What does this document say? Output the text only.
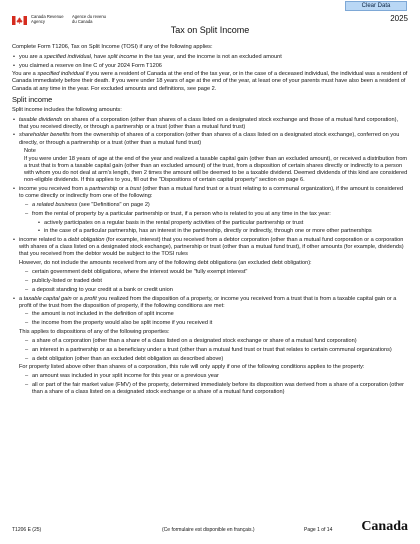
Clear Data
Canada Revenue
Agency
Agence du revenu
du Canada	2025
Tax on Split Income

Complete Form T1206, Tax on Split Income (TOSI) if any of the following applies:

• you are a specified individual, have split income in the tax year, and the income is not an excluded amount
• you claimed a reserve on line C of your 2024 Form T1206

You are a specified individual if you were a resident of Canada at the end of the tax year, or in the case of a deceased individual, the individual was a resident of Canada immediately before their death. If you were under 18 years of age at the end of the year, at least one of your parents must have also been a resident of Canada at any time in the year. For excluded amounts and definitions, see page 2.

Split income

Split income includes the following amounts:

• taxable dividends on shares of a corporation (other than shares of a class listed on a designated stock exchange and those of a mutual fund corporation), that you received directly, or through a partnership or a trust (other than a mutual fund trust)
• shareholder benefits from the ownership of shares of a corporation (other than shares of a class listed on a designated stock exchange), conferred on you directly, or through a partnership or a trust (other than a mutual fund trust)
Note
If you were under 18 years of age at the end of the year and realized a taxable capital gain (other than an excluded amount), or received a distribution from a trust that is from a taxable capital gain (other than an excluded amount) of the trust, from a disposition of certain shares directly or indirectly to a person with whom you do not deal at arm's length, then 2 times the amount will be deemed to be a taxable dividend. Deemed dividends of this kind are considered non-eligible dividends. If this applies to you, fill out the "Dispositions of certain capital property" section on page 6.
• income you received from a partnership or a trust (other than a mutual fund trust or a trust relating to a communal organization), if the amount is considered to come directly or indirectly from one of the following:
– a related business (see "Definitions" on page 2)
– from the rental of property by a particular partnership or trust, if a person who is related to you at any time in the tax year:
• actively participates on a regular basis in the rental property activities of the particular partnership or trust
• in the case of a particular partnership, has an interest in the partnership, directly or indirectly, through one or more other partnerships
• income related to a debt obligation (for example, interest) that you received from a debtor corporation (other than a mutual fund corporation or a corporation with shares of a class listed on a designated stock exchange), partnership or trust (other than a mutual fund trust), if other amounts (for example, dividends) that you received from the debtor would be subject to the TOSI rules
However, do not include the amounts received from any of the following debt obligations (an excluded debt obligation):
– certain government debt obligations, where the interest would be "fully exempt interest"
– publicly-listed or traded debt
– a deposit standing to your credit at a bank or credit union
• a taxable capital gain or a profit you realized from the disposition of a property, or income you received from a trust that is from a taxable capital gain or a profit of the trust from the disposition of property, if the following conditions are met:
– the amount is not included in the definition of split income
– the income from the property would also be split income if you received it
This applies to dispositions of any of the following properties:
– a share of a corporation (other than a share of a class listed on a designated stock exchange or share of a mutual fund corporation)
– an interest in a partnership or as a beneficiary under a trust (other than a mutual fund trust or trust that relates to certain communal organizations)
– a debt obligation (other than an excluded debt obligation as described above)
For property listed above other than shares of a corporation, this rule will only apply if one of the following conditions applies to the property:
– an amount was included in your split income for this year or a previous year
– all or part of the fair market value (FMV) of the property, determined immediately before its disposition was derived from a share of a corporation (other than a share of a class listed on a designated stock exchange or a share of a mutual fund corporation)
T1206 E (25)	(Ce formulaire est disponible en français.)	Page 1 of 14 Canada
